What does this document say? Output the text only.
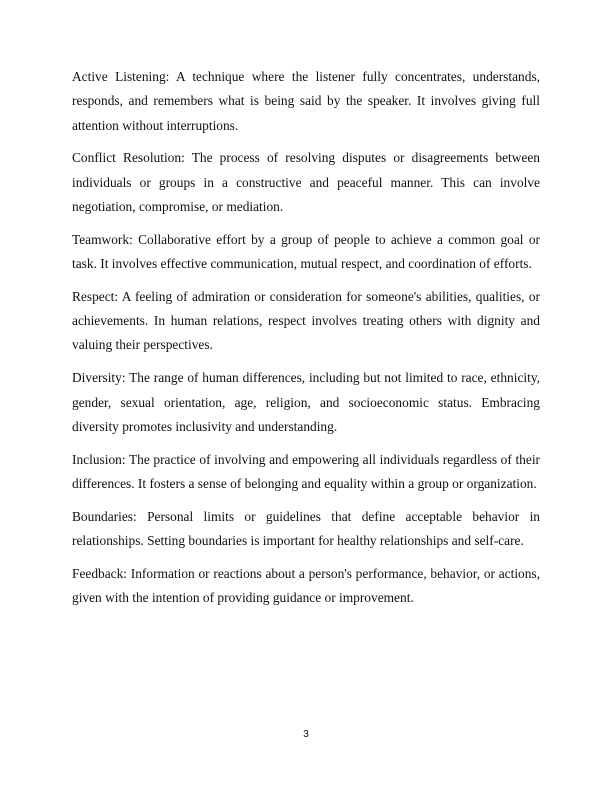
Active Listening: A technique where the listener fully concentrates, understands, responds, and remembers what is being said by the speaker. It involves giving full attention without interruptions.

Conflict Resolution: The process of resolving disputes or disagreements between individuals or groups in a constructive and peaceful manner. This can involve negotiation, compromise, or mediation.

Teamwork: Collaborative effort by a group of people to achieve a common goal or task. It involves effective communication, mutual respect, and coordination of efforts.

Respect: A feeling of admiration or consideration for someone's abilities, qualities, or achievements. In human relations, respect involves treating others with dignity and valuing their perspectives.

Diversity: The range of human differences, including but not limited to race, ethnicity, gender, sexual orientation, age, religion, and socioeconomic status. Embracing diversity promotes inclusivity and understanding.

Inclusion: The practice of involving and empowering all individuals regardless of their differences. It fosters a sense of belonging and equality within a group or organization.

Boundaries: Personal limits or guidelines that define acceptable behavior in relationships. Setting boundaries is important for healthy relationships and self-care.

Feedback: Information or reactions about a person's performance, behavior, or actions, given with the intention of providing guidance or improvement.

3
